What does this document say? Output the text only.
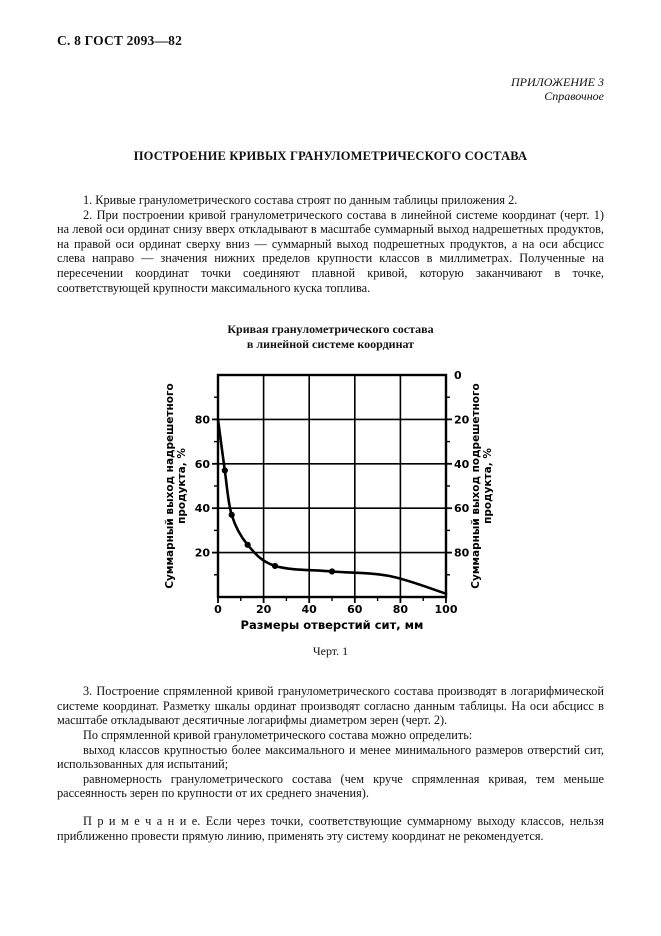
С. 8 ГОСТ 2093—82
ПРИЛОЖЕНИЕ 3
Справочное
ПОСТРОЕНИЕ КРИВЫХ ГРАНУЛОМЕТРИЧЕСКОГО СОСТАВА

1. Кривые гранулометрического состава строят по данным таблицы приложения 2.

2. При построении кривой гранулометрического состава в линейной системе координат (черт. 1) на левой оси ординат снизу вверх откладывают в масштабе суммарный выход надрешетных продуктов, на правой оси ординат сверху вниз — суммарный выход подрешетных продуктов, а на оси абсцисс слева направо — значения нижних пределов крупности классов в миллиметрах. Полученные на пересечении координат точки соединяют плавной кривой, которую заканчивают в точке, соответствующей крупности максимального куска топлива.

Кривая гранулометрического состава
в линейной системе координат
0	20	40	60	80 100
20
40
60
80
0
20
40
60
80
Размеры отверстий сит, мм
Суммарный выход надрешетногопродукта, %	Суммарный выход подрешетногопродукта, %
Черт. 1

3. Построение спрямленной кривой гранулометрического состава производят в логарифмической системе координат. Разметку шкалы ординат производят согласно данным таблицы. На оси абсцисс в масштабе откладывают десятичные логарифмы диаметром зерен (черт. 2).

По спрямленной кривой гранулометрического состава можно определить:

выход классов крупностью более максимального и менее минимального размеров отверстий сит, использованных для испытаний;

равномерность гранулометрического состава (чем круче спрямленная кривая, тем меньше рассеянность зерен по крупности от их среднего значения).

П р и м е ч а н и е. Если через точки, соответствующие суммарному выходу классов, нельзя приближенно провести прямую линию, применять эту систему координат не рекомендуется.
